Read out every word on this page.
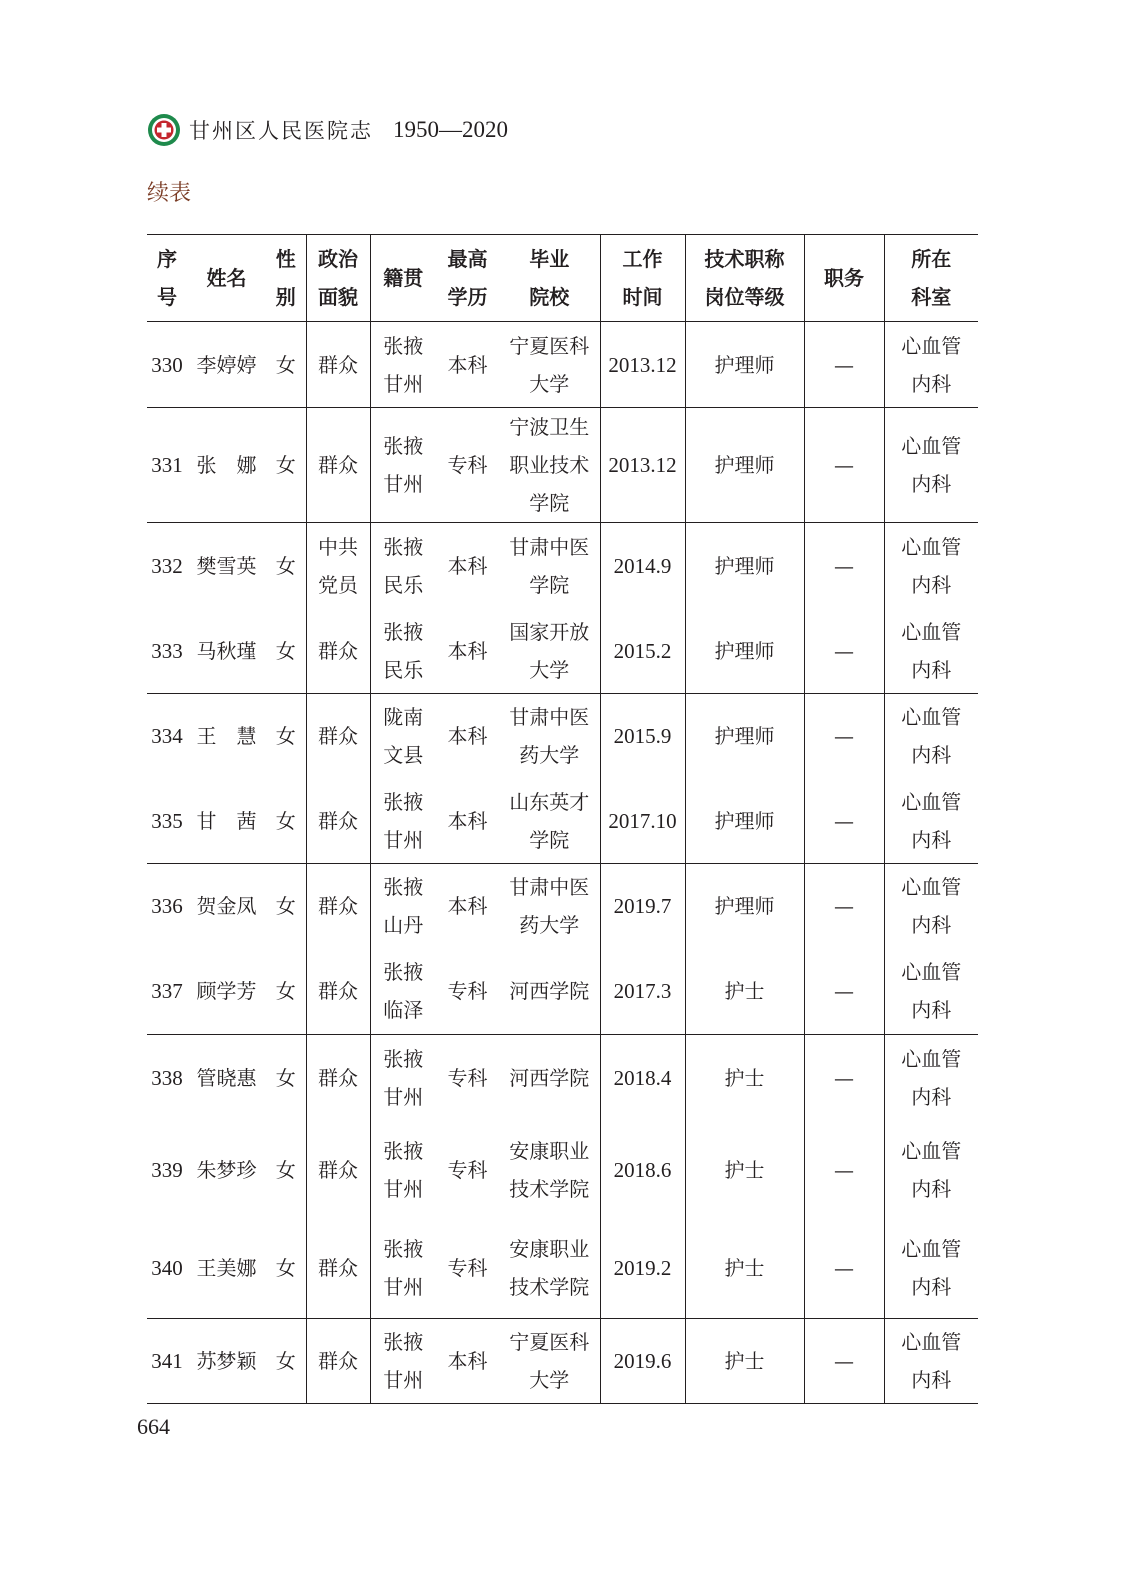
甘州区人民医院志 1950—2020
续表
序号	姓名	性别	政治面貌	籍贯	最高学历	毕业院校	工作时间	技术职称岗位等级	职务	所在科室
330	李婷婷	女	群众	张掖甘州	本科	宁夏医科大学	2013.12	护理师	—	心血管内科
331	张　娜	女	群众	张掖甘州	专科	宁波卫生职业技术学院	2013.12	护理师	—	心血管内科
332	樊雪英	女	中共党员	张掖民乐	本科	甘肃中医学院	2014.9	护理师	—	心血管内科
333	马秋瑾	女	群众	张掖民乐	本科	国家开放大学	2015.2	护理师	—	心血管内科
334	王　慧	女	群众	陇南文县	本科	甘肃中医药大学	2015.9	护理师	—	心血管内科
335	甘　茜	女	群众	张掖甘州	本科	山东英才学院	2017.10	护理师	—	心血管内科
336	贺金凤	女	群众	张掖山丹	本科	甘肃中医药大学	2019.7	护理师	—	心血管内科
337	顾学芳	女	群众	张掖临泽	专科	河西学院	2017.3	护士	—	心血管内科
338	管晓惠	女	群众	张掖甘州	专科	河西学院	2018.4	护士	—	心血管内科
339	朱梦珍	女	群众	张掖甘州	专科	安康职业技术学院	2018.6	护士	—	心血管内科
340	王美娜	女	群众	张掖甘州	专科	安康职业技术学院	2019.2	护士	—	心血管内科
341	苏梦颖	女	群众	张掖甘州	本科	宁夏医科大学	2019.6	护士	—	心血管内科
664
